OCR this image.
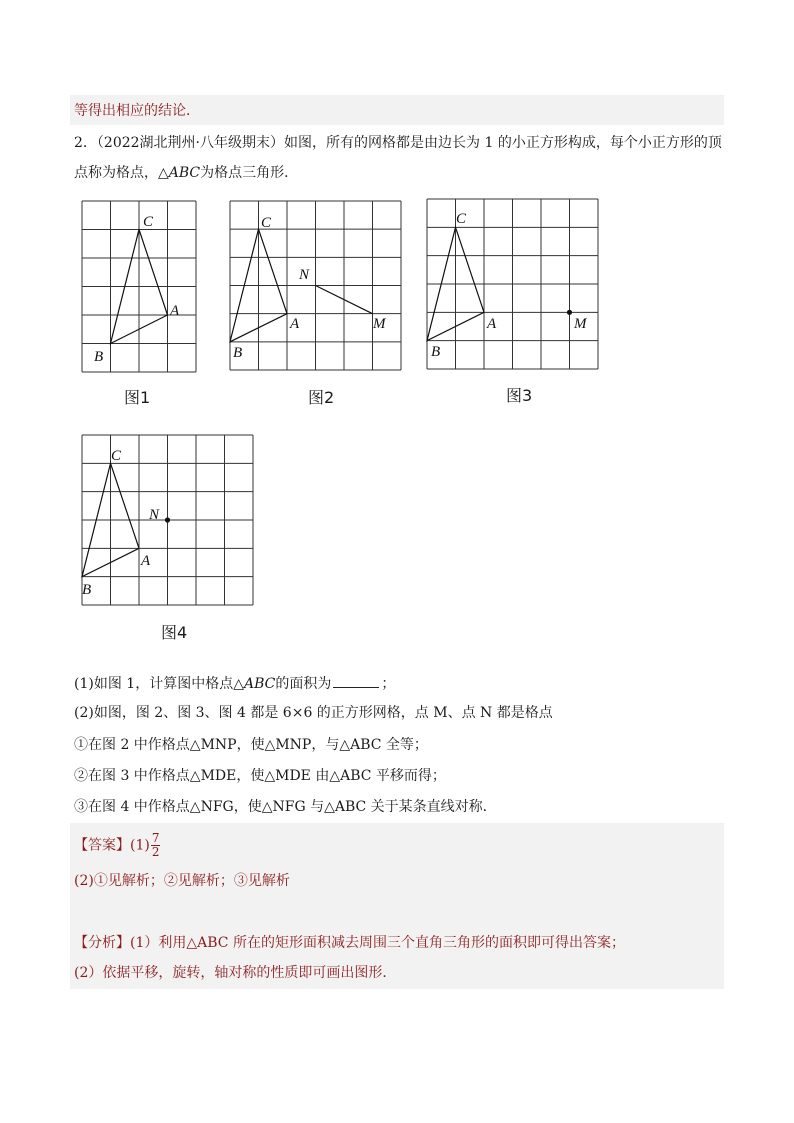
等得出相应的结论．
2．（2022湖北荆州·八年级期末）如图，所有的网格都是由边长为 1 的小正方形构成，每个小正方形的顶
点称为格点，△ABC为格点三角形．
C
A
B
图1
C
A
B
N
M
图2
C
A
B
M
图3
C
A
B
N
图4
(1)如图 1，计算图中格点△ABC的面积为	；
(2)如图，图 2、图 3、图 4 都是 6×6 的正方形网格，点 M、点 N 都是格点
①在图 2 中作格点△MNP，使△MNP，与△ABC 全等；
②在图 3 中作格点△MDE，使△MDE 由△ABC 平移而得；
③在图 4 中作格点△NFG，使△NFG 与△ABC 关于某条直线对称．
【答案】$(1) \frac{7}{2}$
(2)①见解析；②见解析；③见解析
【分析】(1）利用△ABC 所在的矩形面积减去周围三个直角三角形的面积即可得出答案；
(2）依据平移，旋转，轴对称的性质即可画出图形．
